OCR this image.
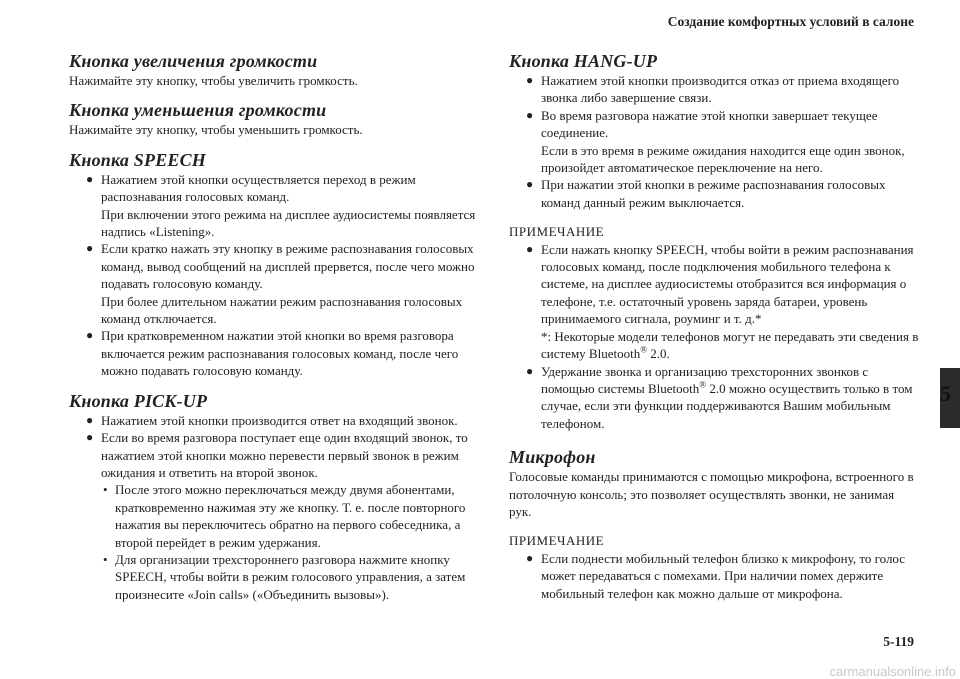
Создание комфортных условий в салоне
Кнопка увеличения громкости

Нажимайте эту кнопку, чтобы увеличить громкость.

Кнопка уменьшения громкости

Нажимайте эту кнопку, чтобы уменьшить громкость.

Кнопка SPEECH

● Нажатием этой кнопки осуществляется переход в режим распознавания голосовых команд.

При включении этого режима на дисплее аудиосистемы появляется надпись «Listening».

● Если кратко нажать эту кнопку в режиме распознавания голосовых команд, вывод сообщений на дисплей прервется, после чего можно подавать голосовую команду.

При более длительном нажатии режим распознавания голосовых команд отключается.

● При кратковременном нажатии этой кнопки во время разговора включается режим распознавания голосовых команд, после чего можно подавать голосовую команду.

Кнопка PICK-UP

● Нажатием этой кнопки производится ответ на входящий звонок.

● Если во время разговора поступает еще один входящий звонок, то нажатием этой кнопки можно перевести первый звонок в режим ожидания и ответить на второй звонок.

• После этого можно переключаться между двумя абонентами, кратковременно нажимая эту же кнопку. Т. е. после повторного нажатия вы переключитесь обратно на первого собеседника, а второй перейдет в режим удержания.
• Для организации трехстороннего разговора нажмите кнопку SPEECH, чтобы войти в режим голосового управления, а затем произнесите «Join calls» («Объединить вызовы»).
Кнопка HANG-UP

● Нажатием этой кнопки производится отказ от приема входящего звонка либо завершение связи.

● Во время разговора нажатие этой кнопки завершает текущее соединение.

Если в это время в режиме ожидания находится еще один звонок, произойдет автоматическое переключение на него.

● При нажатии этой кнопки в режиме распознавания голосовых команд данный режим выключается.

ПРИМЕЧАНИЕ

● Если нажать кнопку SPEECH, чтобы войти в режим распознавания голосовых команд, после подключения мобильного телефона к системе, на дисплее аудиосистемы отобразится вся информация о телефоне, т.е. остаточный уровень заряда батареи, уровень принимаемого сигнала, роуминг и т. д.*

*: Некоторые модели телефонов могут не передавать эти сведения в систему Bluetooth® 2.0.

● Удержание звонка и организацию трехсторонних звонков с помощью системы Bluetooth® 2.0 можно осуществить только в том случае, если эти функции поддерживаются Вашим мобильным телефоном.

Микрофон

Голосовые команды принимаются с помощью микрофона, встроенного в потолочную консоль; это позволяет осуществлять звонки, не занимая рук.

ПРИМЕЧАНИЕ

● Если поднести мобильный телефон близко к микрофону, то голос может передаваться с помехами. При наличии помех держите мобильный телефон как можно дальше от микрофона.

5
5-119
carmanualsonline.info
